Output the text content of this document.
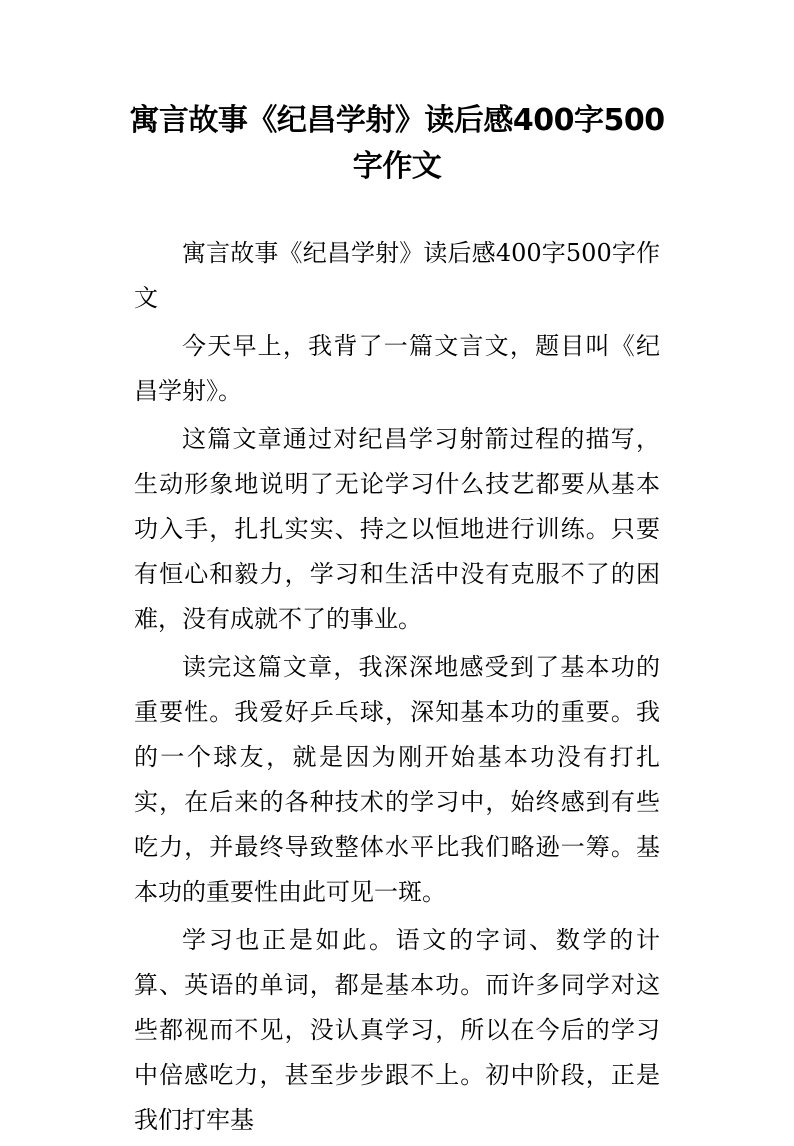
寓言故事《纪昌学射》读后感400字500字作文

寓言故事《纪昌学射》读后感400字500字作文

今天早上，我背了一篇文言文，题目叫《纪昌学射》。

这篇文章通过对纪昌学习射箭过程的描写，生动形象地说明了无论学习什么技艺都要从基本功入手，扎扎实实、持之以恒地进行训练。只要有恒心和毅力，学习和生活中没有克服不了的困难，没有成就不了的事业。

读完这篇文章，我深深地感受到了基本功的重要性。我爱好乒乓球，深知基本功的重要。我的一个球友，就是因为刚开始基本功没有打扎实，在后来的各种技术的学习中，始终感到有些吃力，并最终导致整体水平比我们略逊一筹。基本功的重要性由此可见一斑。

学习也正是如此。语文的字词、数学的计算、英语的单词，都是基本功。而许多同学对这些都视而不见，没认真学习，所以在今后的学习中倍感吃力，甚至步步跟不上。初中阶段，正是我们打牢基
